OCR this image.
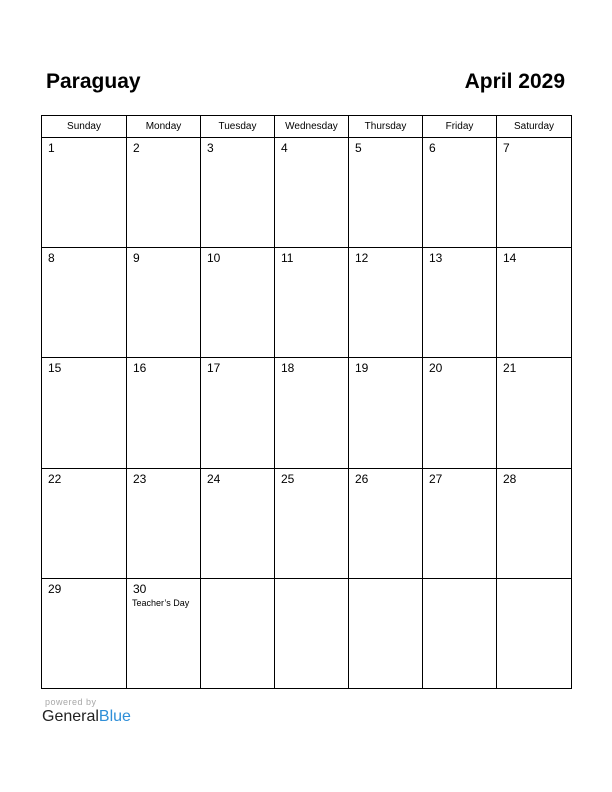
Paraguay	April 2029
Sunday	Monday	Tuesday	Wednesday	Thursday	Friday	Saturday

1	2	3	4	5	6	7

8	9	10	11	12	13	14

15	16	17	18	19	20	21

22	23	24	25	26	27	28

29	30
Teacher’s Day					

powered by
GeneralBlue
